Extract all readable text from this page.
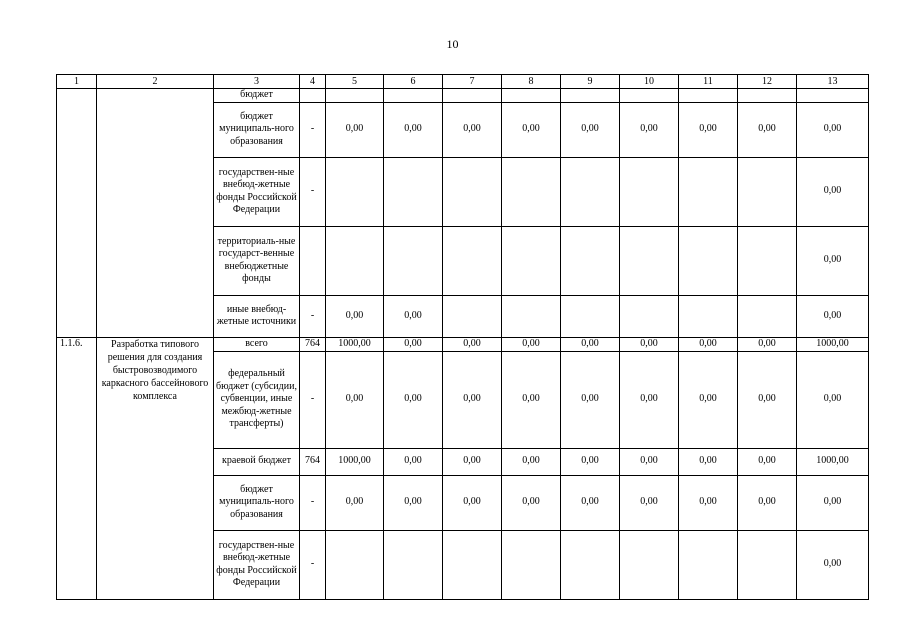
10
1	2	3	4	5	6	7	8	9	10	11	12	13
		бюджет										
		бюджет муниципаль-ного образования	-	0,00	0,00	0,00	0,00	0,00	0,00	0,00	0,00	0,00
		государствен-ные внебюд-жетные фонды Российской Федерации	-									0,00
		территориаль-ные государст-венные внебюджетные фонды										0,00
		иные внебюд-жетные источники	-	0,00	0,00							0,00
1.1.6.	Разработка типового решения для создания быстровозводимого каркасного бассейнового комплекса	всего	764	1000,00	0,00	0,00	0,00	0,00	0,00	0,00	0,00	1000,00
		федеральный бюджет (субсидии, субвенции, иные межбюд-жетные трансферты)	-	0,00	0,00	0,00	0,00	0,00	0,00	0,00	0,00	0,00
		краевой бюджет	764	1000,00	0,00	0,00	0,00	0,00	0,00	0,00	0,00	1000,00
		бюджет муниципаль-ного образования	-	0,00	0,00	0,00	0,00	0,00	0,00	0,00	0,00	0,00
		государствен-ные внебюд-жетные фонды Российской Федерации	-									0,00
